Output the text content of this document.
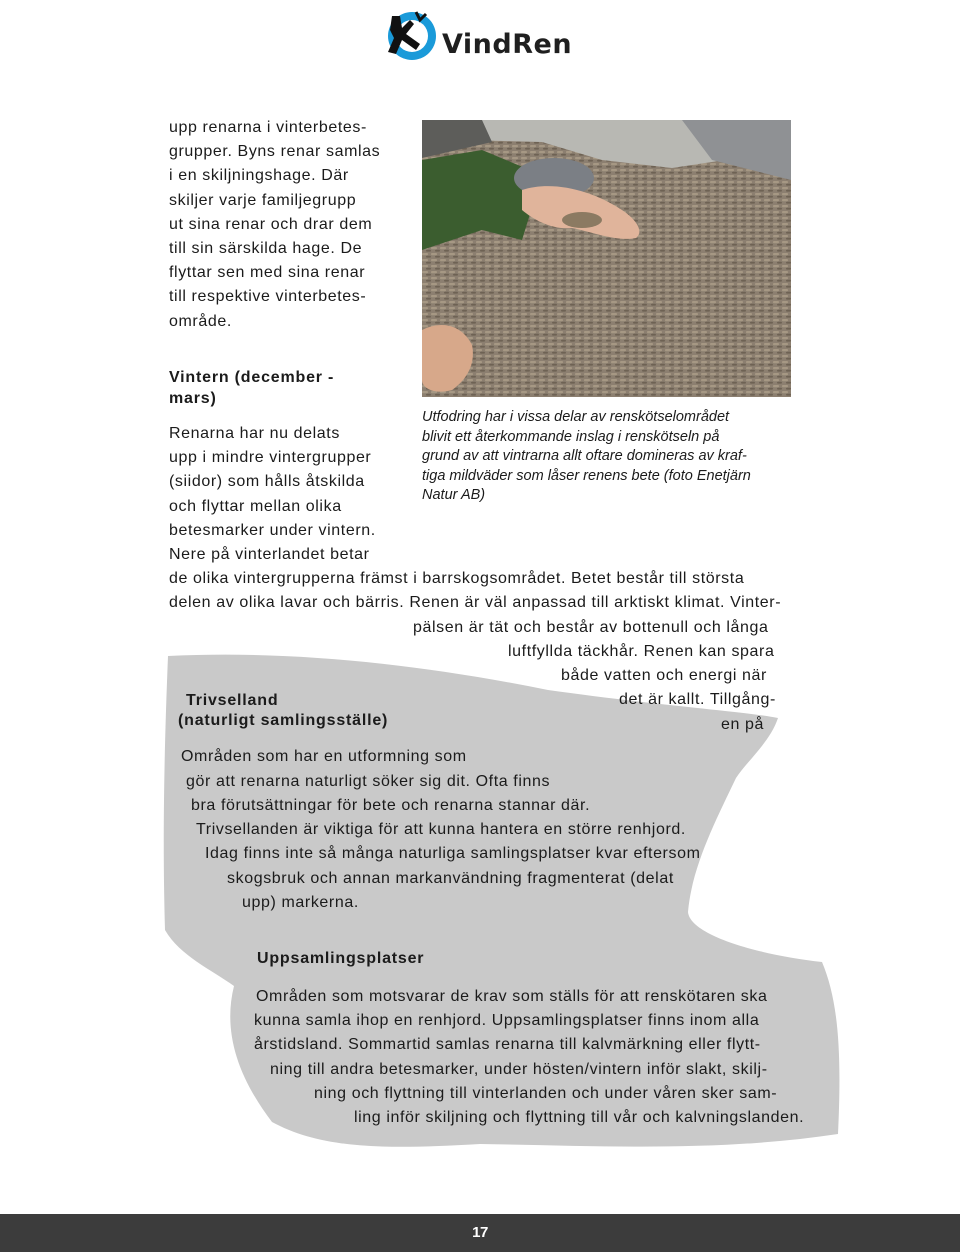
VindRen
upp renarna i vinterbetes-
grupper. Byns renar samlas
i en skiljningshage. Där
skiljer varje familjegrupp
ut sina renar och drar dem
till sin särskilda hage. De
flyttar sen med sina renar
till respektive vinterbetes-
område.
Vintern (december -
mars)
Renarna har nu delats
upp i mindre vintergrupper
(siidor) som hålls åtskilda
och flyttar mellan olika
betesmarker under vintern.
Nere på vinterlandet betar
de olika vintergrupperna främst i barrskogsområdet. Betet består till största
delen av olika lavar och bärris. Renen är väl anpassad till arktiskt klimat. Vinter-
pälsen är tät och består av bottenull och långa
luftfyllda täckhår. Renen kan spara
både vatten och energi när
det är kallt. Tillgång-
en på
Utfodring har i vissa delar av renskötselområdet
blivit ett återkommande inslag i renskötseln på
grund av att vintrarna allt oftare domineras av kraf-
tiga mildväder som låser renens bete (foto Enetjärn
Natur AB)
Trivselland
(naturligt samlingsställe)
Områden som har en utformning som
gör att renarna naturligt söker sig dit. Ofta finns
bra förutsättningar för bete och renarna stannar där.
Trivsellanden är viktiga för att kunna hantera en större renhjord.
Idag finns inte så många naturliga samlingsplatser kvar eftersom
skogsbruk och annan markanvändning fragmenterat (delat
upp) markerna.
Uppsamlingsplatser
Områden som motsvarar de krav som ställs för att renskötaren ska
kunna samla ihop en renhjord. Uppsamlingsplatser finns inom alla
årstidsland. Sommartid samlas renarna till kalvmärkning eller flytt-
ning till andra betesmarker, under hösten/vintern inför slakt, skilj-
ning och flyttning till vinterlanden och under våren sker sam-
ling inför skiljning och flyttning till vår och kalvningslanden.
17
